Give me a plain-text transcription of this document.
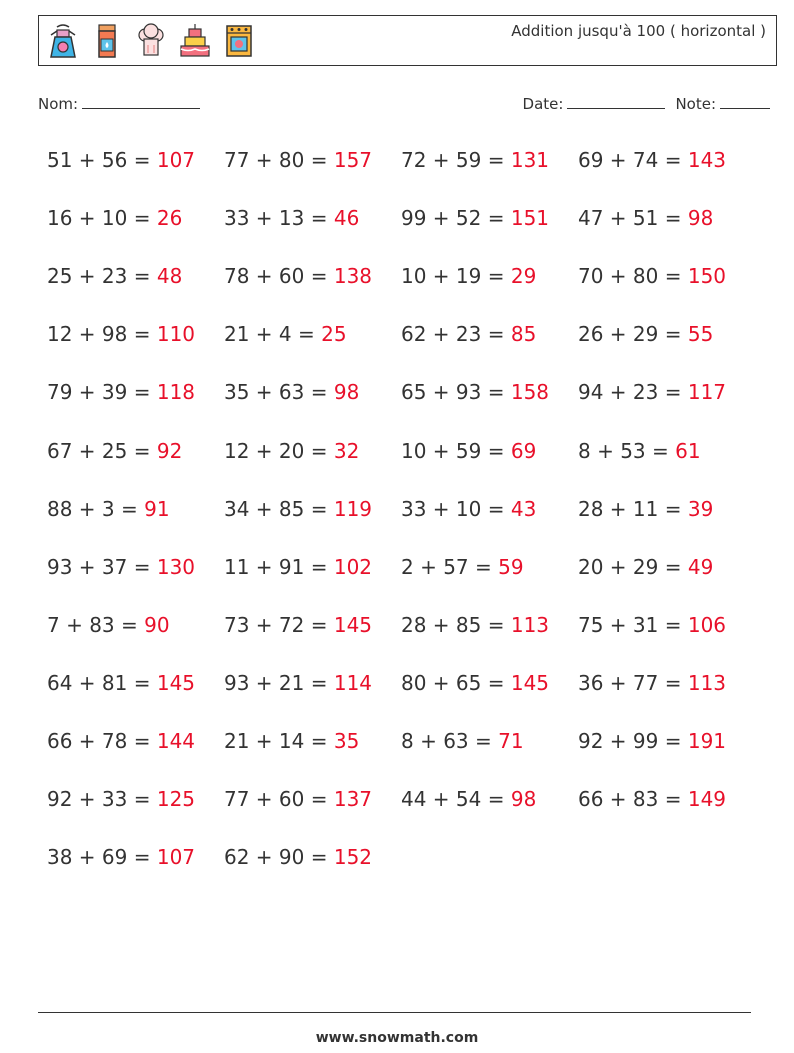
Addition jusqu'à 100 ( horizontal )
Nom:	Date:	Note:
51 + 56 = 107 77 + 80 = 157 72 + 59 = 131 69 + 74 = 143
16 + 10 = 26 33 + 13 = 46 99 + 52 = 151 47 + 51 = 98
25 + 23 = 48 78 + 60 = 138 10 + 19 = 29 70 + 80 = 150
12 + 98 = 110 21 + 4 = 25	62 + 23 = 85 26 + 29 = 55
79 + 39 = 118 35 + 63 = 98 65 + 93 = 158 94 + 23 = 117
67 + 25 = 92 12 + 20 = 32 10 + 59 = 69 8 + 53 = 61
88 + 3 = 91	34 + 85 = 119 33 + 10 = 43 28 + 11 = 39
93 + 37 = 130 11 + 91 = 102 2 + 57 = 59	20 + 29 = 49
7 + 83 = 90	73 + 72 = 145 28 + 85 = 113 75 + 31 = 106
64 + 81 = 145 93 + 21 = 114 80 + 65 = 145 36 + 77 = 113
66 + 78 = 144 21 + 14 = 35 8 + 63 = 71	92 + 99 = 191
92 + 33 = 125 77 + 60 = 137 44 + 54 = 98 66 + 83 = 149
38 + 69 = 107 62 + 90 = 152
www.snowmath.com
